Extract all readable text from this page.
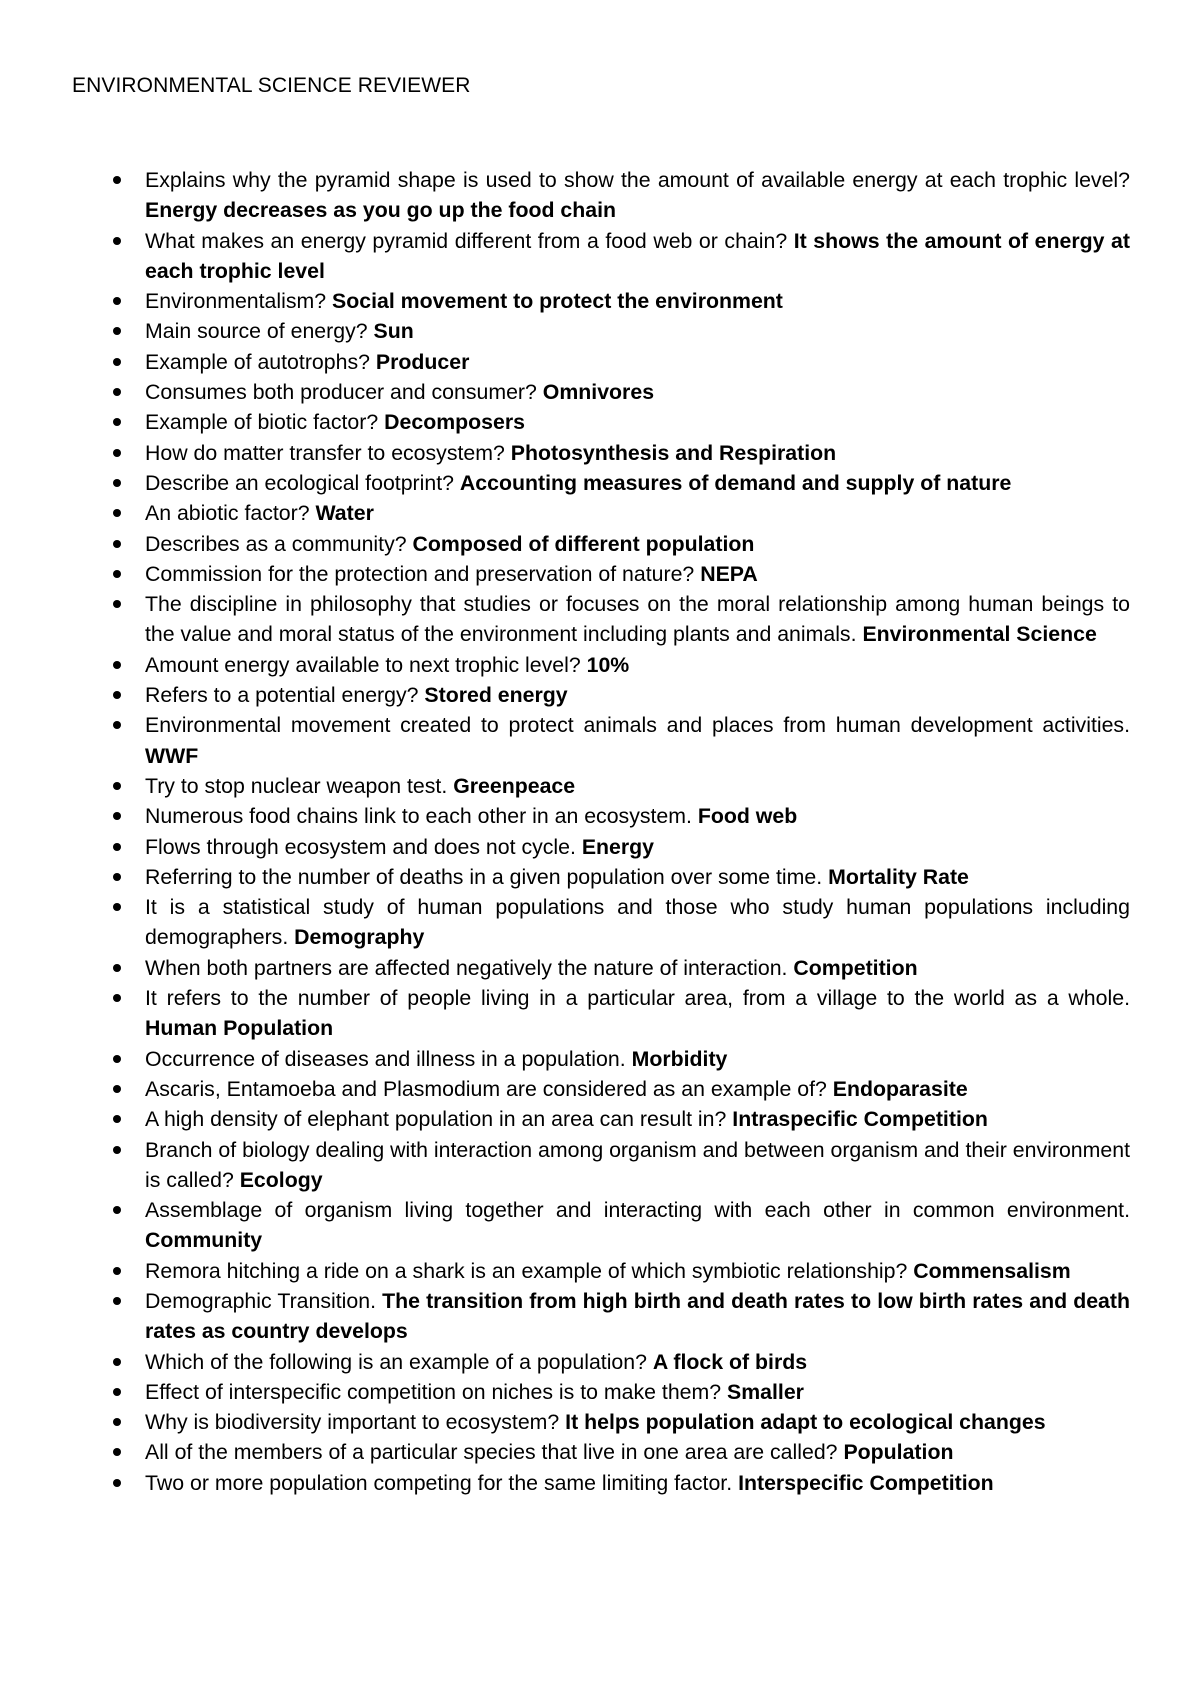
ENVIRONMENTAL SCIENCE REVIEWER
Explains why the pyramid shape is used to show the amount of available energy at each trophic level? Energy decreases as you go up the food chain
What makes an energy pyramid different from a food web or chain? It shows the amount of energy at each trophic level
Environmentalism? Social movement to protect the environment
Main source of energy? Sun
Example of autotrophs? Producer
Consumes both producer and consumer? Omnivores
Example of biotic factor? Decomposers
How do matter transfer to ecosystem? Photosynthesis and Respiration
Describe an ecological footprint? Accounting measures of demand and supply of nature
An abiotic factor? Water
Describes as a community? Composed of different population
Commission for the protection and preservation of nature? NEPA
The discipline in philosophy that studies or focuses on the moral relationship among human beings to the value and moral status of the environment including plants and animals. Environmental Science
Amount energy available to next trophic level? 10%
Refers to a potential energy? Stored energy
Environmental movement created to protect animals and places from human development activities. WWF
Try to stop nuclear weapon test. Greenpeace
Numerous food chains link to each other in an ecosystem. Food web
Flows through ecosystem and does not cycle. Energy
Referring to the number of deaths in a given population over some time. Mortality Rate
It is a statistical study of human populations and those who study human populations including demographers. Demography
When both partners are affected negatively the nature of interaction. Competition
It refers to the number of people living in a particular area, from a village to the world as a whole. Human Population
Occurrence of diseases and illness in a population. Morbidity
Ascaris, Entamoeba and Plasmodium are considered as an example of? Endoparasite
A high density of elephant population in an area can result in? Intraspecific Competition
Branch of biology dealing with interaction among organism and between organism and their environment is called? Ecology
Assemblage of organism living together and interacting with each other in common environment. Community
Remora hitching a ride on a shark is an example of which symbiotic relationship? Commensalism
Demographic Transition. The transition from high birth and death rates to low birth rates and death rates as country develops
Which of the following is an example of a population? A flock of birds
Effect of interspecific competition on niches is to make them? Smaller
Why is biodiversity important to ecosystem? It helps population adapt to ecological changes
All of the members of a particular species that live in one area are called? Population
Two or more population competing for the same limiting factor. Interspecific Competition
